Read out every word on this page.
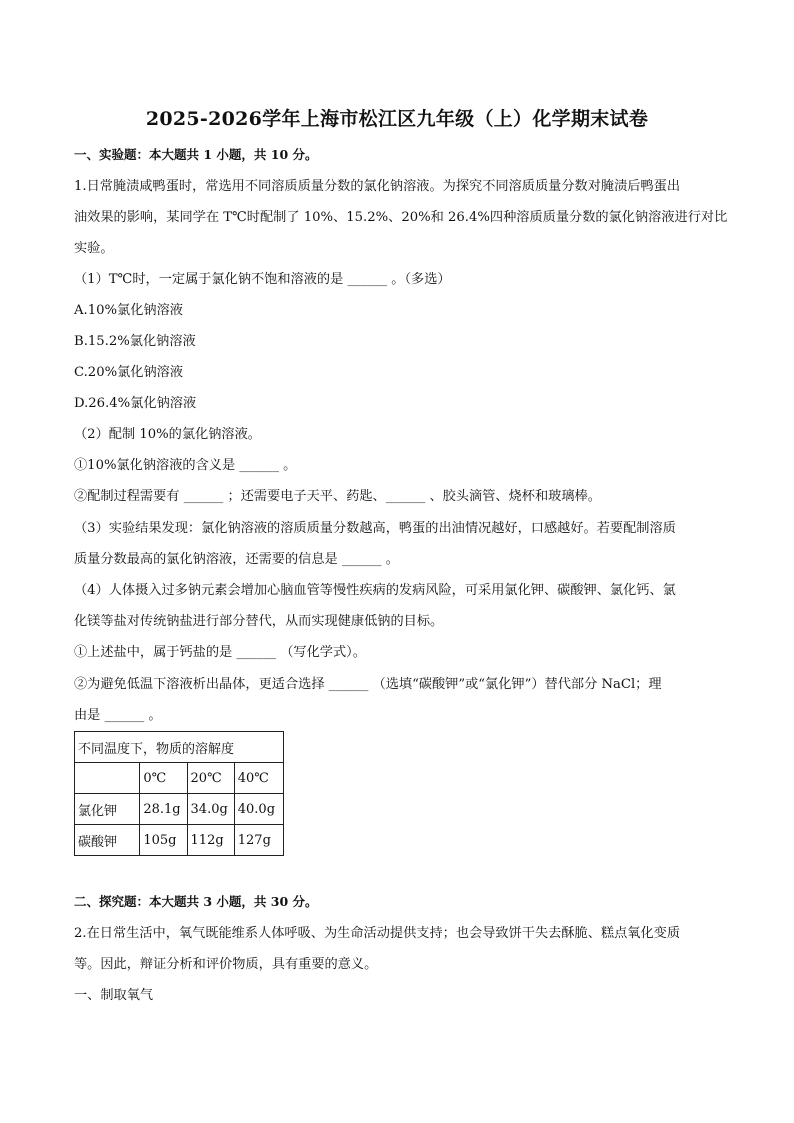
2025-2026学年上海市松江区九年级（上）化学期末试卷
一、实验题：本大题共 1 小题，共 10 分。
1.日常腌渍咸鸭蛋时，常选用不同溶质质量分数的氯化钠溶液。为探究不同溶质质量分数对腌渍后鸭蛋出
油效果的影响，某同学在 T℃时配制了 10%、15.2%、20%和 26.4%四种溶质质量分数的氯化钠溶液进行对比
实验。
（1）T℃时，一定属于氯化钠不饱和溶液的是 ______ 。（多选）
A.10%氯化钠溶液
B.15.2%氯化钠溶液
C.20%氯化钠溶液
D.26.4%氯化钠溶液
（2）配制 10%的氯化钠溶液。
①10%氯化钠溶液的含义是 ______ 。
②配制过程需要有 ______ ；还需要电子天平、药匙、______ 、胶头滴管、烧杯和玻璃棒。
（3）实验结果发现：氯化钠溶液的溶质质量分数越高，鸭蛋的出油情况越好，口感越好。若要配制溶质
质量分数最高的氯化钠溶液，还需要的信息是 ______ 。
（4）人体摄入过多钠元素会增加心脑血管等慢性疾病的发病风险，可采用氯化钾、碳酸钾、氯化钙、氯
化镁等盐对传统钠盐进行部分替代，从而实现健康低钠的目标。
①上述盐中，属于钙盐的是 ______ （写化学式）。
②为避免低温下溶液析出晶体，更适合选择 ______ （选填“碳酸钾”或“氯化钾”）替代部分 NaCl；理
由是 ______ 。
不同温度下，物质的溶解度			
	0℃	20℃	40℃
氯化钾	28.1g	34.0g	40.0g
碳酸钾	105g	112g	127g
二、探究题：本大题共 3 小题，共 30 分。
2.在日常生活中，氧气既能维系人体呼吸、为生命活动提供支持；也会导致饼干失去酥脆、糕点氧化变质
等。因此，辩证分析和评价物质，具有重要的意义。
一、制取氧气
